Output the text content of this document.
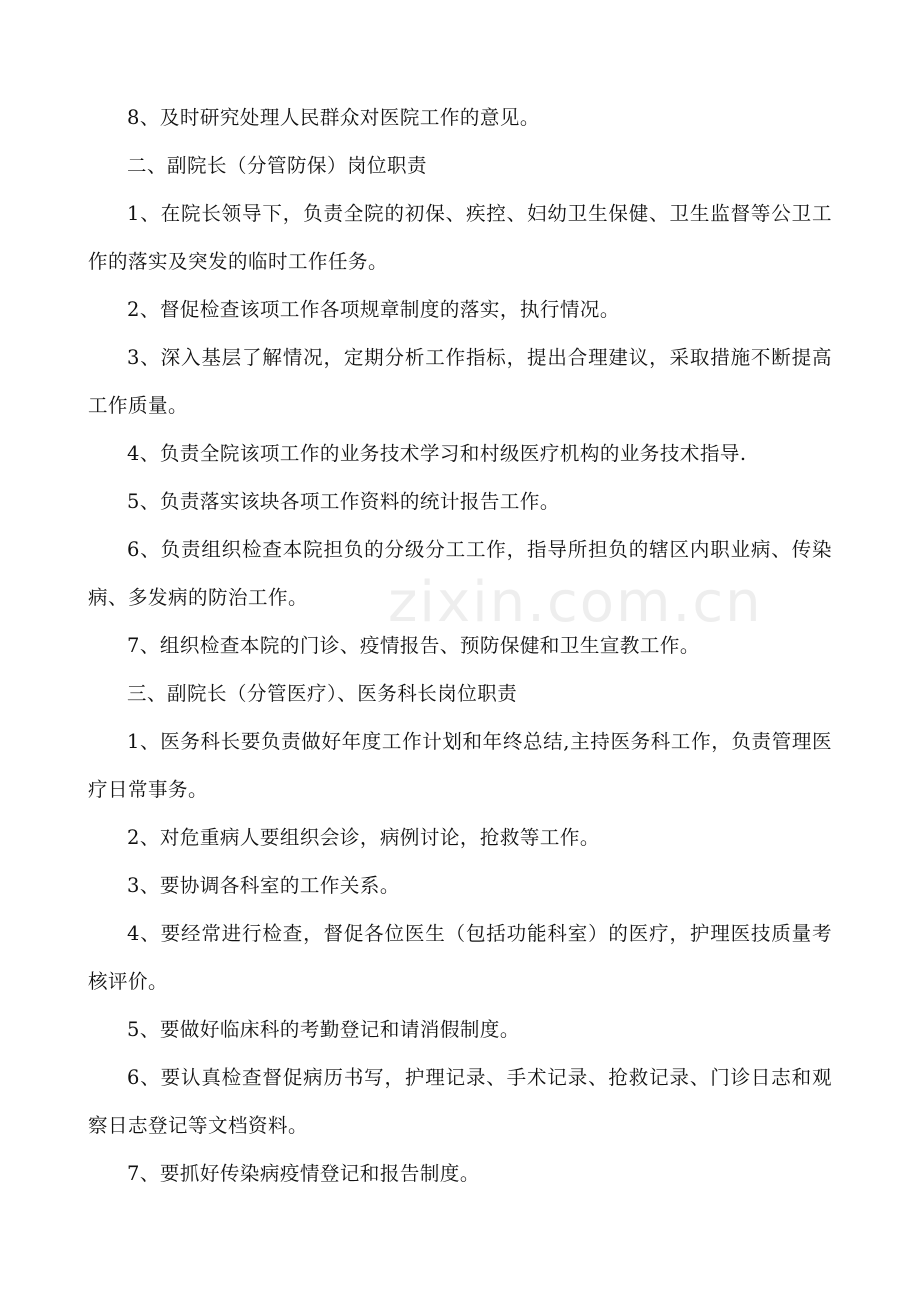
8、及时研究处理人民群众对医院工作的意见。

二、副院长（分管防保）岗位职责

1、在院长领导下，负责全院的初保、疾控、妇幼卫生保健、卫生监督等公卫工作的落实及突发的临时工作任务。

2、督促检查该项工作各项规章制度的落实，执行情况。

3、深入基层了解情况，定期分析工作指标，提出合理建议，采取措施不断提高工作质量。

4、负责全院该项工作的业务技术学习和村级医疗机构的业务技术指导.

5、负责落实该块各项工作资料的统计报告工作。

6、负责组织检查本院担负的分级分工工作，指导所担负的辖区内职业病、传染病、多发病的防治工作。

7、组织检查本院的门诊、疫情报告、预防保健和卫生宣教工作。

三、副院长（分管医疗）、医务科长岗位职责

1、医务科长要负责做好年度工作计划和年终总结,主持医务科工作，负责管理医疗日常事务。

2、对危重病人要组织会诊，病例讨论，抢救等工作。

3、要协调各科室的工作关系。

4、要经常进行检查，督促各位医生（包括功能科室）的医疗，护理医技质量考核评价。

5、要做好临床科的考勤登记和请消假制度。

6、要认真检查督促病历书写，护理记录、手术记录、抢救记录、门诊日志和观察日志登记等文档资料。

7、要抓好传染病疫情登记和报告制度。

zixin.com.cn
